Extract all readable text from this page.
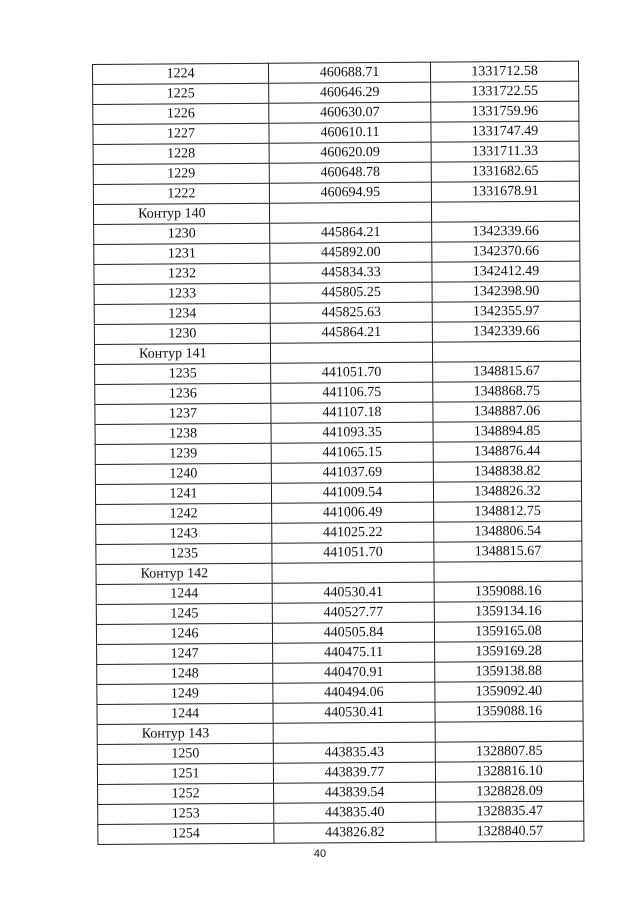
1224	460688.71	1331712.58
1225	460646.29	1331722.55
1226	460630.07	1331759.96
1227	460610.11	1331747.49
1228	460620.09	1331711.33
1229	460648.78	1331682.65
1222	460694.95	1331678.91
Контур 140		
1230	445864.21	1342339.66
1231	445892.00	1342370.66
1232	445834.33	1342412.49
1233	445805.25	1342398.90
1234	445825.63	1342355.97
1230	445864.21	1342339.66
Контур 141		
1235	441051.70	1348815.67
1236	441106.75	1348868.75
1237	441107.18	1348887.06
1238	441093.35	1348894.85
1239	441065.15	1348876.44
1240	441037.69	1348838.82
1241	441009.54	1348826.32
1242	441006.49	1348812.75
1243	441025.22	1348806.54
1235	441051.70	1348815.67
Контур 142		
1244	440530.41	1359088.16
1245	440527.77	1359134.16
1246	440505.84	1359165.08
1247	440475.11	1359169.28
1248	440470.91	1359138.88
1249	440494.06	1359092.40
1244	440530.41	1359088.16
Контур 143		
1250	443835.43	1328807.85
1251	443839.77	1328816.10
1252	443839.54	1328828.09
1253	443835.40	1328835.47
1254	443826.82	1328840.57
40
